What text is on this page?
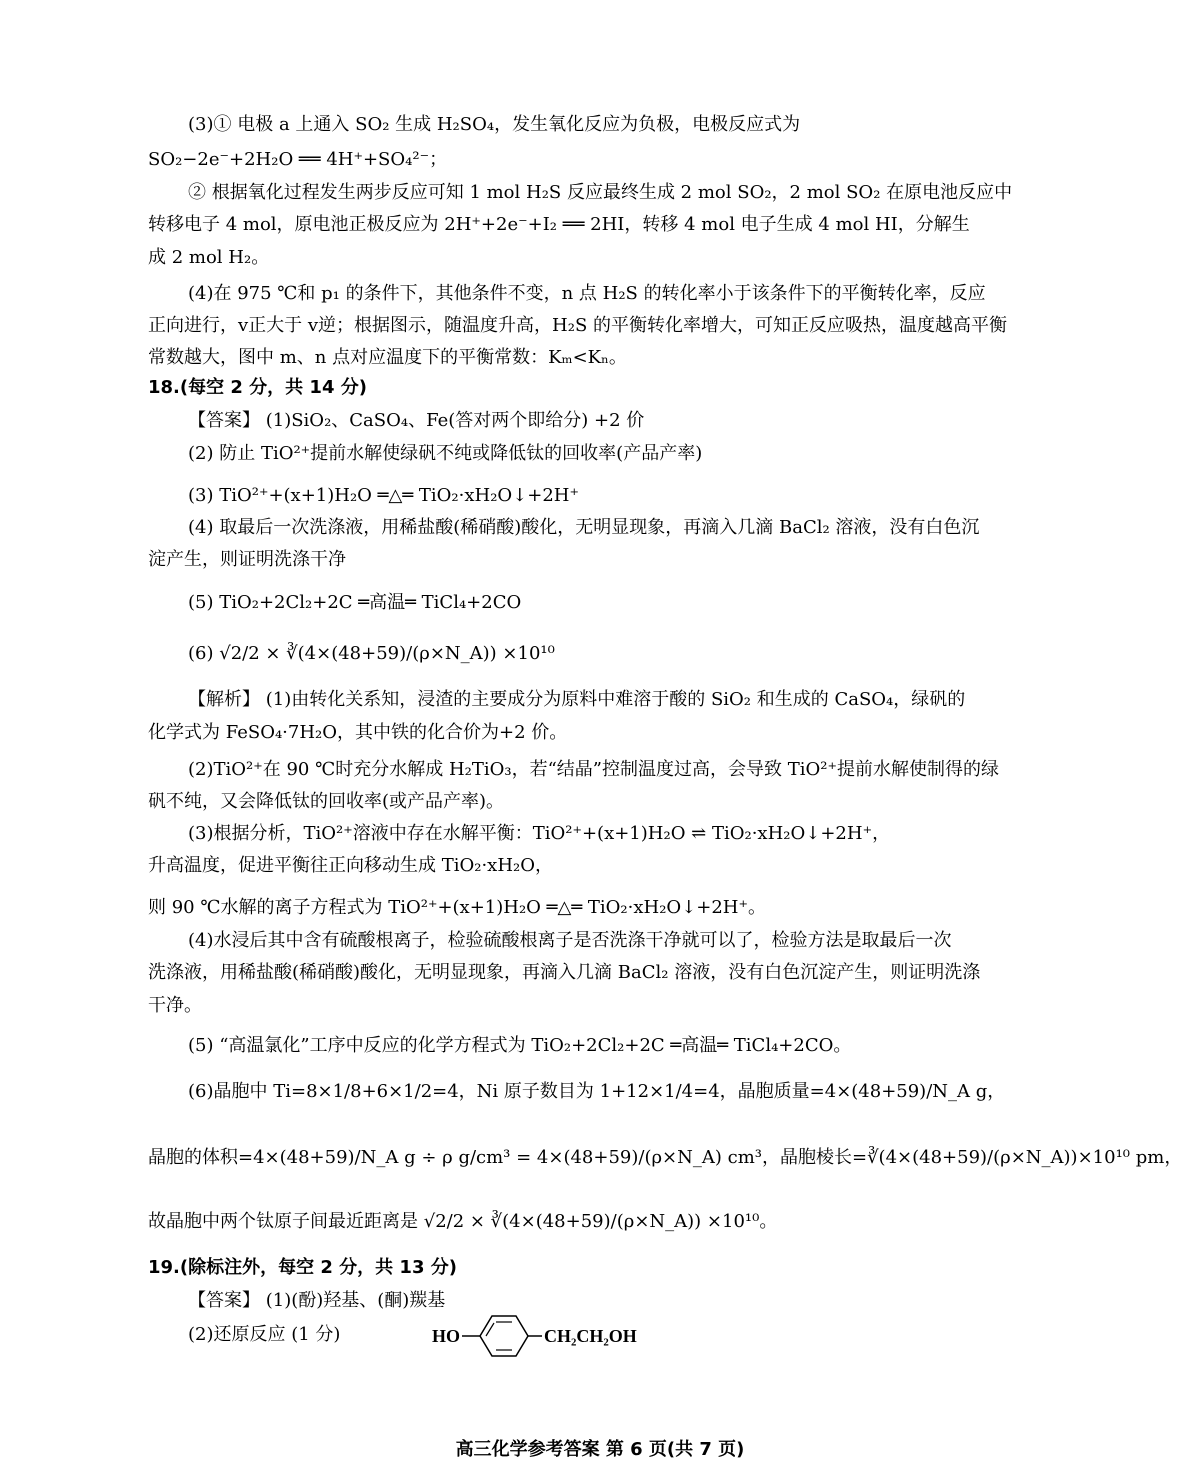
(3)① 电极 a 上通入 SO₂ 生成 H₂SO₄，发生氧化反应为负极，电极反应式为
SO₂−2e⁻+2H₂O ══ 4H⁺+SO₄²⁻；
② 根据氧化过程发生两步反应可知 1 mol H₂S 反应最终生成 2 mol SO₂，2 mol SO₂ 在原电池反应中
转移电子 4 mol，原电池正极反应为 2H⁺+2e⁻+I₂ ══ 2HI，转移 4 mol 电子生成 4 mol HI，分解生
成 2 mol H₂。
(4)在 975 ℃和 p₁ 的条件下，其他条件不变，n 点 H₂S 的转化率小于该条件下的平衡转化率，反应
正向进行，v正大于 v逆；根据图示，随温度升高，H₂S 的平衡转化率增大，可知正反应吸热，温度越高平衡
常数越大，图中 m、n 点对应温度下的平衡常数：Kₘ<Kₙ。
18.(每空 2 分，共 14 分)
【答案】 (1)SiO₂、CaSO₄、Fe(答对两个即给分) +2 价
(2) 防止 TiO²⁺提前水解使绿矾不纯或降低钛的回收率(产品产率)
(3) TiO²⁺+(x+1)H₂O ═△═ TiO₂·xH₂O↓+2H⁺
(4) 取最后一次洗涤液，用稀盐酸(稀硝酸)酸化，无明显现象，再滴入几滴 BaCl₂ 溶液，没有白色沉
淀产生，则证明洗涤干净
(5) TiO₂+2Cl₂+2C ═高温═ TiCl₄+2CO
(6) √2/2 × ∛(4×(48+59)/(ρ×N_A)) ×10¹⁰
【解析】 (1)由转化关系知，浸渣的主要成分为原料中难溶于酸的 SiO₂ 和生成的 CaSO₄，绿矾的
化学式为 FeSO₄·7H₂O，其中铁的化合价为+2 价。
(2)TiO²⁺在 90 ℃时充分水解成 H₂TiO₃，若“结晶”控制温度过高，会导致 TiO²⁺提前水解使制得的绿
矾不纯，又会降低钛的回收率(或产品产率)。
(3)根据分析，TiO²⁺溶液中存在水解平衡：TiO²⁺+(x+1)H₂O ⇌ TiO₂·xH₂O↓+2H⁺，
升高温度，促进平衡往正向移动生成 TiO₂·xH₂O，
则 90 ℃水解的离子方程式为 TiO²⁺+(x+1)H₂O ═△═ TiO₂·xH₂O↓+2H⁺。
(4)水浸后其中含有硫酸根离子，检验硫酸根离子是否洗涤干净就可以了，检验方法是取最后一次
洗涤液，用稀盐酸(稀硝酸)酸化，无明显现象，再滴入几滴 BaCl₂ 溶液，没有白色沉淀产生，则证明洗涤
干净。
(5) “高温氯化”工序中反应的化学方程式为 TiO₂+2Cl₂+2C ═高温═ TiCl₄+2CO。
(6)晶胞中 Ti=8×1/8+6×1/2=4，Ni 原子数目为 1+12×1/4=4，晶胞质量=4×(48+59)/N_A g，
晶胞的体积=4×(48+59)/N_A g ÷ ρ g/cm³ = 4×(48+59)/(ρ×N_A) cm³，晶胞棱长=∛(4×(48+59)/(ρ×N_A))×10¹⁰ pm，
故晶胞中两个钛原子间最近距离是 √2/2 × ∛(4×(48+59)/(ρ×N_A)) ×10¹⁰。
19.(除标注外，每空 2 分，共 13 分)
【答案】 (1)(酚)羟基、(酮)羰基
(2)还原反应 (1 分)	HO	CH₂CH₂OH
高三化学参考答案 第 6 页(共 7 页)
